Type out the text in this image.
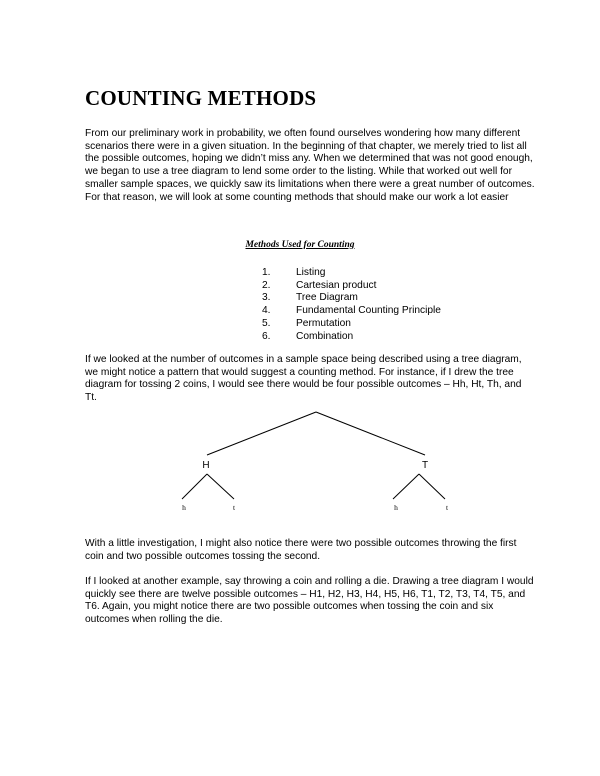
COUNTING METHODS

From our preliminary work in probability, we often found ourselves wondering how many different scenarios there were in a given situation. In the beginning of that chapter, we merely tried to list all the possible outcomes, hoping we didn’t miss any. When we determined that was not good enough, we began to use a tree diagram to lend some order to the listing. While that worked out well for smaller sample spaces, we quickly saw its limitations when there were a great number of outcomes. For that reason, we will look at some counting methods that should make our work a lot easier

Methods Used for Counting
1.	Listing
2.	Cartesian product
3.	Tree Diagram
4.	Fundamental Counting Principle
5.	Permutation
6.	Combination

If we looked at the number of outcomes in a sample space being described using a tree diagram, we might notice a pattern that would suggest a counting method. For instance, if I drew the tree diagram for tossing 2 coins, I would see there would be four possible outcomes – Hh, Ht, Th, and Tt.

H	T
h	t	h	t

With a little investigation, I might also notice there were two possible outcomes throwing the first coin and two possible outcomes tossing the second.

If I looked at another example, say throwing a coin and rolling a die. Drawing a tree diagram I would quickly see there are twelve possible outcomes – H1, H2, H3, H4, H5, H6, T1, T2, T3, T4, T5, and T6. Again, you might notice there are two possible outcomes when tossing the coin and six outcomes when rolling the die.
